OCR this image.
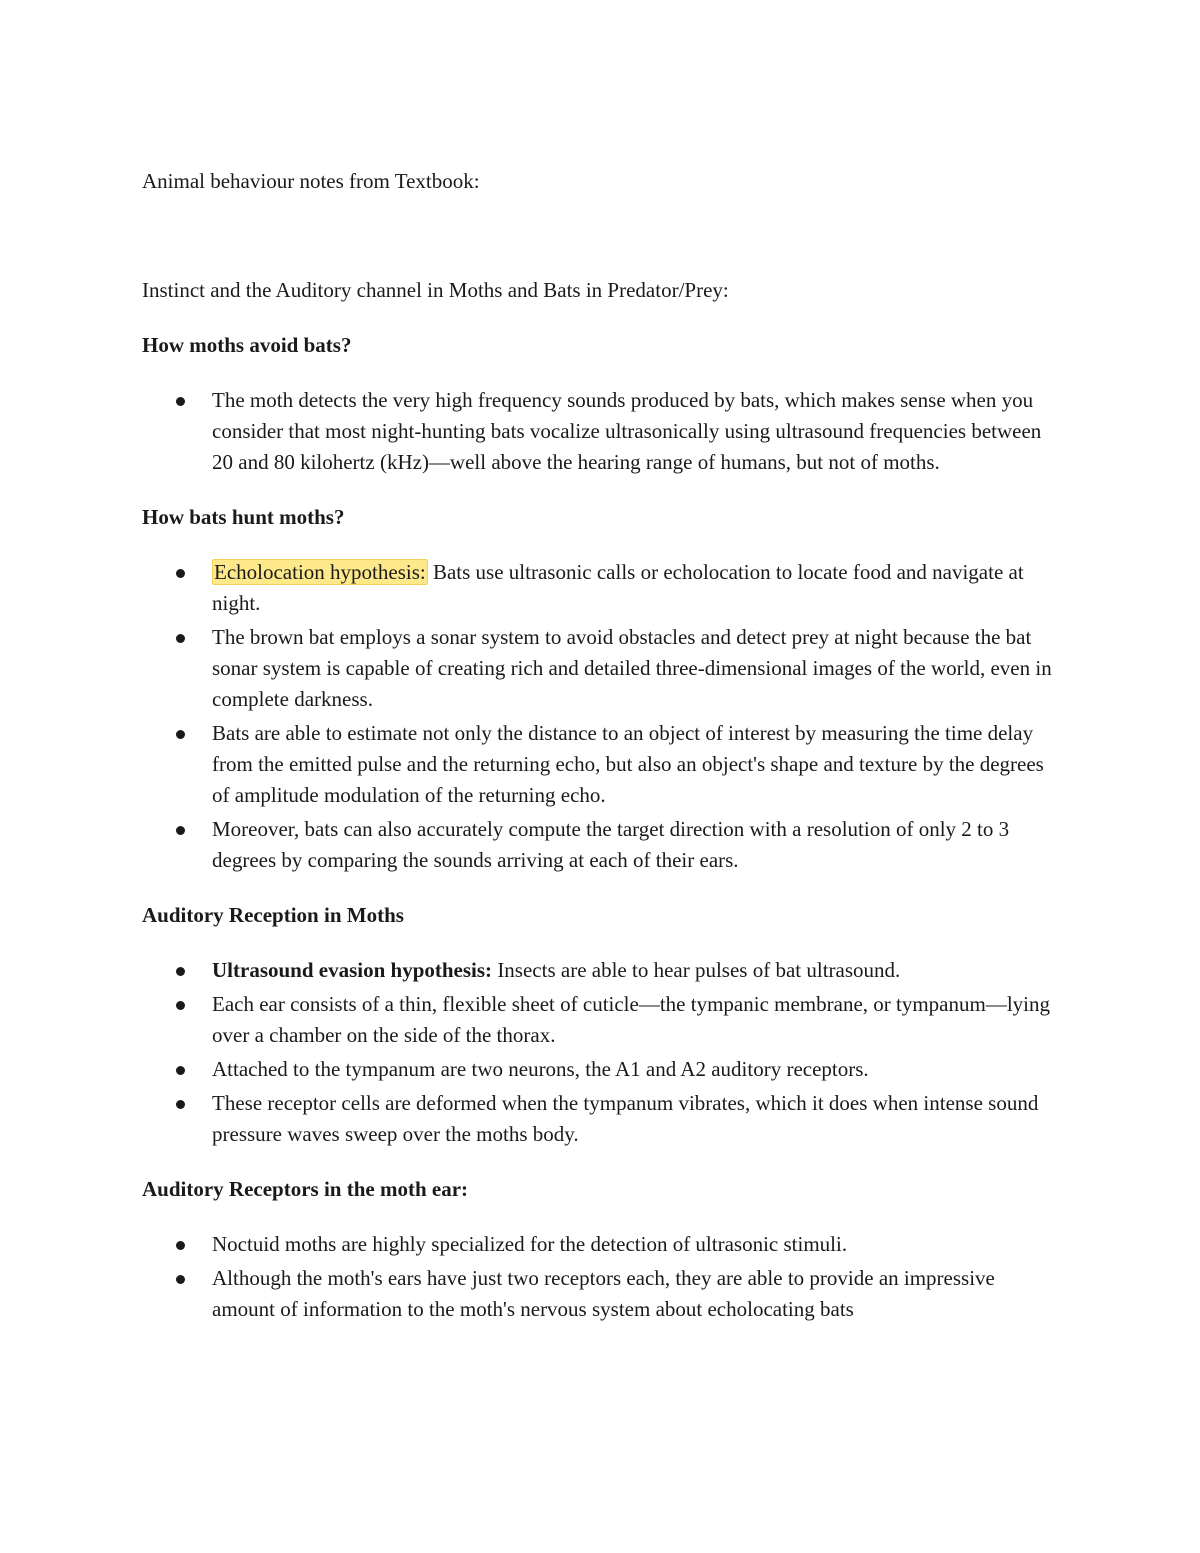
Animal behaviour notes from Textbook:

Instinct and the Auditory channel in Moths and Bats in Predator/Prey:

How moths avoid bats?

The moth detects the very high frequency sounds produced by bats, which makes sense when you consider that most night-hunting bats vocalize ultrasonically using ultrasound frequencies between 20 and 80 kilohertz (kHz)—well above the hearing range of humans, but not of moths.

How bats hunt moths?

Echolocation hypothesis: Bats use ultrasonic calls or echolocation to locate food and navigate at night.
The brown bat employs a sonar system to avoid obstacles and detect prey at night because the bat sonar system is capable of creating rich and detailed three-dimensional images of the world, even in complete darkness.
Bats are able to estimate not only the distance to an object of interest by measuring the time delay from the emitted pulse and the returning echo, but also an object's shape and texture by the degrees of amplitude modulation of the returning echo.
Moreover, bats can also accurately compute the target direction with a resolution of only 2 to 3 degrees by comparing the sounds arriving at each of their ears.

Auditory Reception in Moths

Ultrasound evasion hypothesis: Insects are able to hear pulses of bat ultrasound.
Each ear consists of a thin, flexible sheet of cuticle—the tympanic membrane, or tympanum—lying over a chamber on the side of the thorax.
Attached to the tympanum are two neurons, the A1 and A2 auditory receptors.
These receptor cells are deformed when the tympanum vibrates, which it does when intense sound pressure waves sweep over the moths body.

Auditory Receptors in the moth ear:

Noctuid moths are highly specialized for the detection of ultrasonic stimuli.
Although the moth's ears have just two receptors each, they are able to provide an impressive amount of information to the moth's nervous system about echolocating bats
